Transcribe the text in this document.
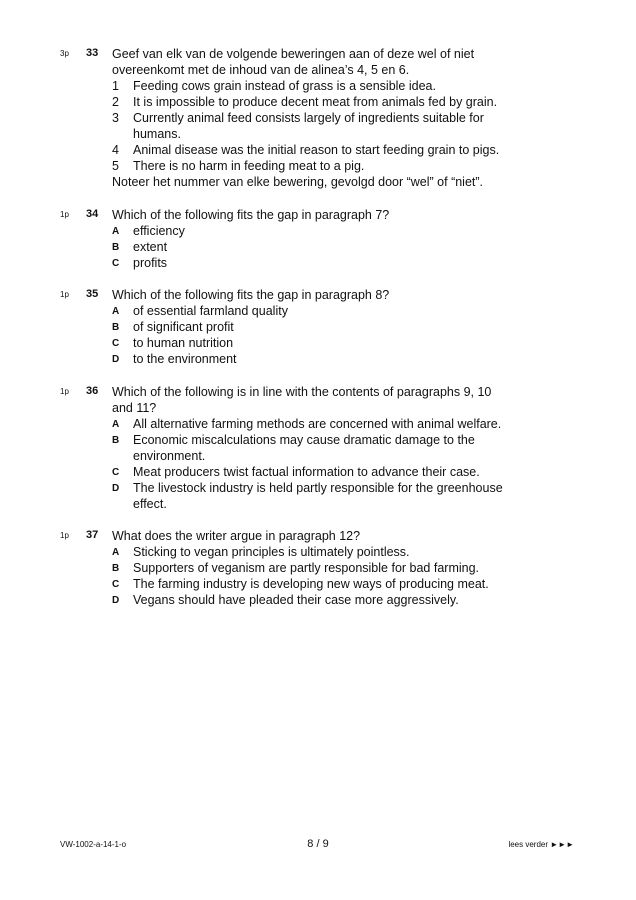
3p 33 Geef van elk van de volgende beweringen aan of deze wel of niet
overeenkomt met de inhoud van de alinea’s 4, 5 en 6.
1 Feeding cows grain instead of grass is a sensible idea.
2 It is impossible to produce decent meat from animals fed by grain.
3 Currently animal feed consists largely of ingredients suitable for
humans.
4 Animal disease was the initial reason to start feeding grain to pigs.
5 There is no harm in feeding meat to a pig.
Noteer het nummer van elke bewering, gevolgd door “wel” of “niet”.
1p 34 Which of the following fits the gap in paragraph 7?
A efficiency
B extent
C profits
1p 35 Which of the following fits the gap in paragraph 8?
A of essential farmland quality
B of significant profit
C to human nutrition
D to the environment
1p 36 Which of the following is in line with the contents of paragraphs 9, 10
and 11?
A All alternative farming methods are concerned with animal welfare.
B Economic miscalculations may cause dramatic damage to the
environment.
C Meat producers twist factual information to advance their case.
D The livestock industry is held partly responsible for the greenhouse
effect.
1p 37 What does the writer argue in paragraph 12?
A Sticking to vegan principles is ultimately pointless.
B Supporters of veganism are partly responsible for bad farming.
C The farming industry is developing new ways of producing meat.
D Vegans should have pleaded their case more aggressively.
VW-1002-a-14-1-o	8 / 9	lees verder ►►►
